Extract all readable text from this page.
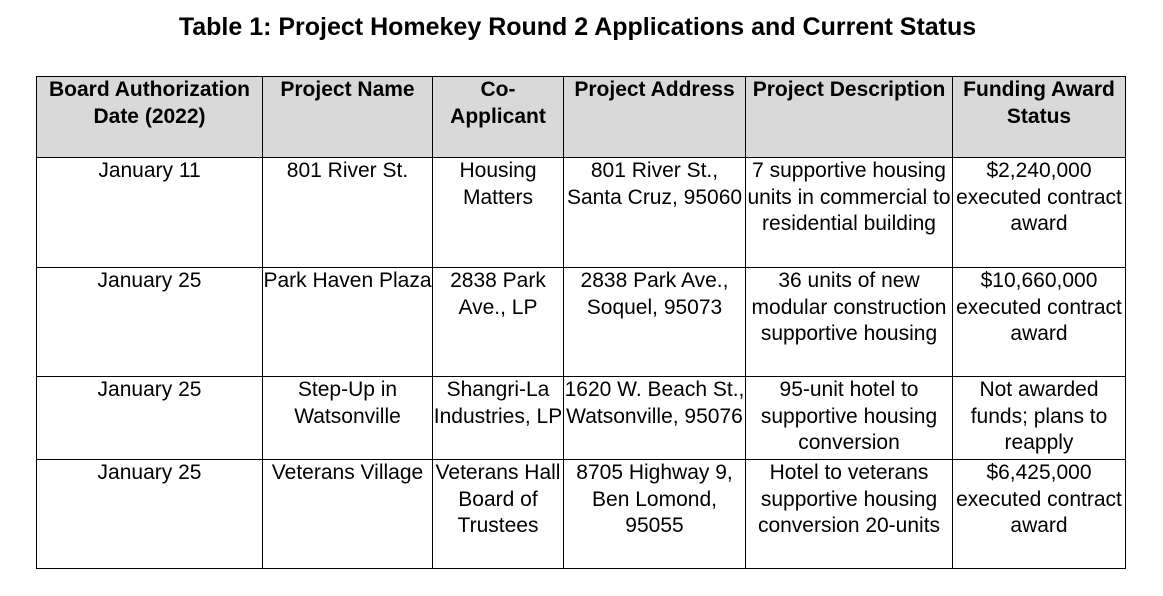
Table 1: Project Homekey Round 2 Applications and Current Status
Board Authorization Date (2022)	Project Name	Co-Applicant	Project Address	Project Description	Funding Award Status
January 11	801 River St.	Housing Matters	801 River St., Santa Cruz, 95060	7 supportive housing units in commercial to residential building	$2,240,000 executed contract award
January 25	Park Haven Plaza	2838 Park Ave., LP	2838 Park Ave., Soquel, 95073	36 units of new modular construction supportive housing	$10,660,000 executed contract award
January 25	Step-Up in Watsonville	Shangri-La Industries, LP	1620 W. Beach St., Watsonville, 95076	95-unit hotel to supportive housing conversion	Not awarded funds; plans to reapply
January 25	Veterans Village	Veterans Hall Board of Trustees	8705 Highway 9, Ben Lomond, 95055	Hotel to veterans supportive housing conversion 20-units	$6,425,000 executed contract award
